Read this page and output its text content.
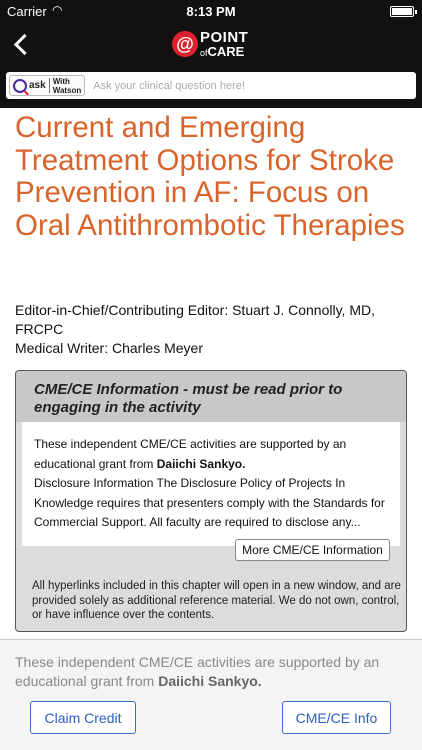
Carrier ◠	8:13 PM
@ POINT
ofCARE
ask With
Watson
Ask your clinical question here!
Current and Emerging Treatment Options for Stroke Prevention in AF: Focus on Oral Antithrombotic Therapies
Editor-in-Chief/Contributing Editor: Stuart J. Connolly, MD, FRCPC
Medical Writer: Charles Meyer
CME/CE Information - must be read prior to engaging in the activity
These independent CME/CE activities are supported by an educational grant from Daiichi Sankyo.
Disclosure Information The Disclosure Policy of Projects In Knowledge requires that presenters comply with the Standards for Commercial Support. All faculty are required to disclose any...
More CME/CE Information
All hyperlinks included in this chapter will open in a new window, and are provided solely as additional reference material. We do not own, control, or have influence over the contents.
These independent CME/CE activities are supported by an educational grant from Daiichi Sankyo.
Claim Credit	CME/CE Info
